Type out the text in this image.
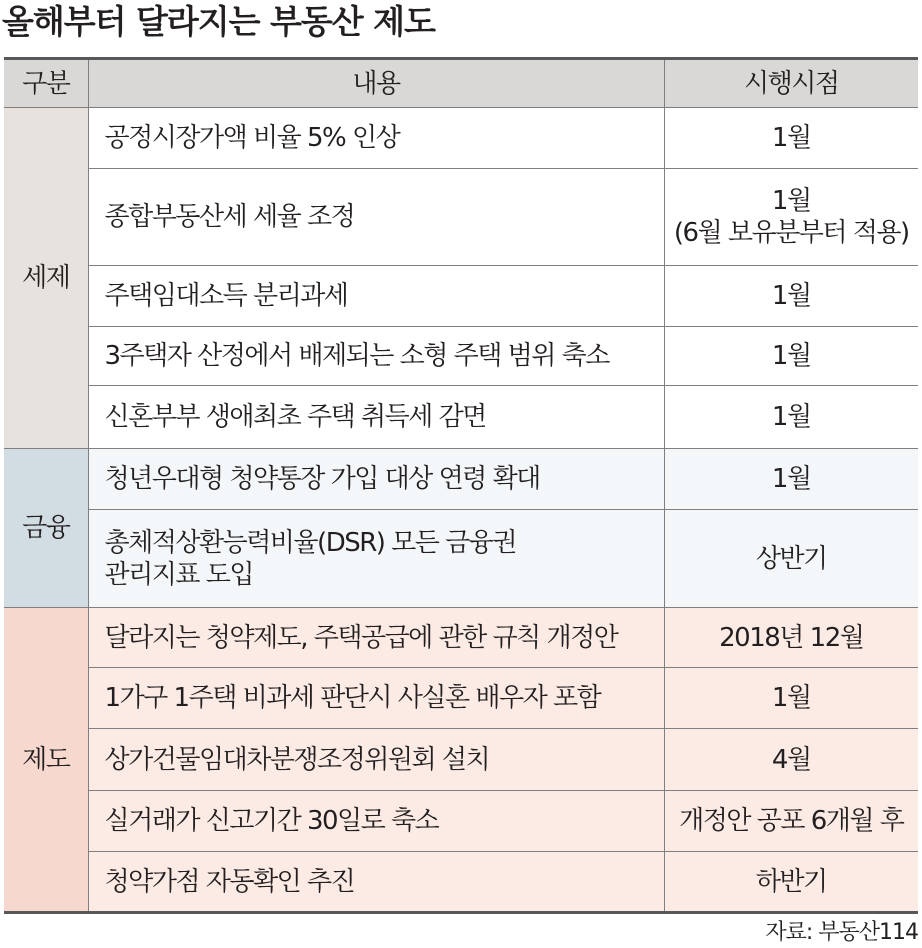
올해부터 달라지는 부동산 제도
구분	내용	시행시점
세제	공정시장가액 비율 5% 인상	1월
	종합부동산세 세율 조정	1월
(6월 보유분부터 적용)
	주택임대소득 분리과세	1월
	3주택자 산정에서 배제되는 소형 주택 범위 축소	1월
	신혼부부 생애최초 주택 취득세 감면	1월
금융	청년우대형 청약통장 가입 대상 연령 확대	1월
	총체적상환능력비율(DSR) 모든 금융권
관리지표 도입	상반기
제도	달라지는 청약제도, 주택공급에 관한 규칙 개정안	2018년 12월
	1가구 1주택 비과세 판단시 사실혼 배우자 포함	1월
	상가건물임대차분쟁조정위원회 설치	4월
	실거래가 신고기간 30일로 축소	개정안 공포 6개월 후
	청약가점 자동확인 추진	하반기
자료: 부동산114
